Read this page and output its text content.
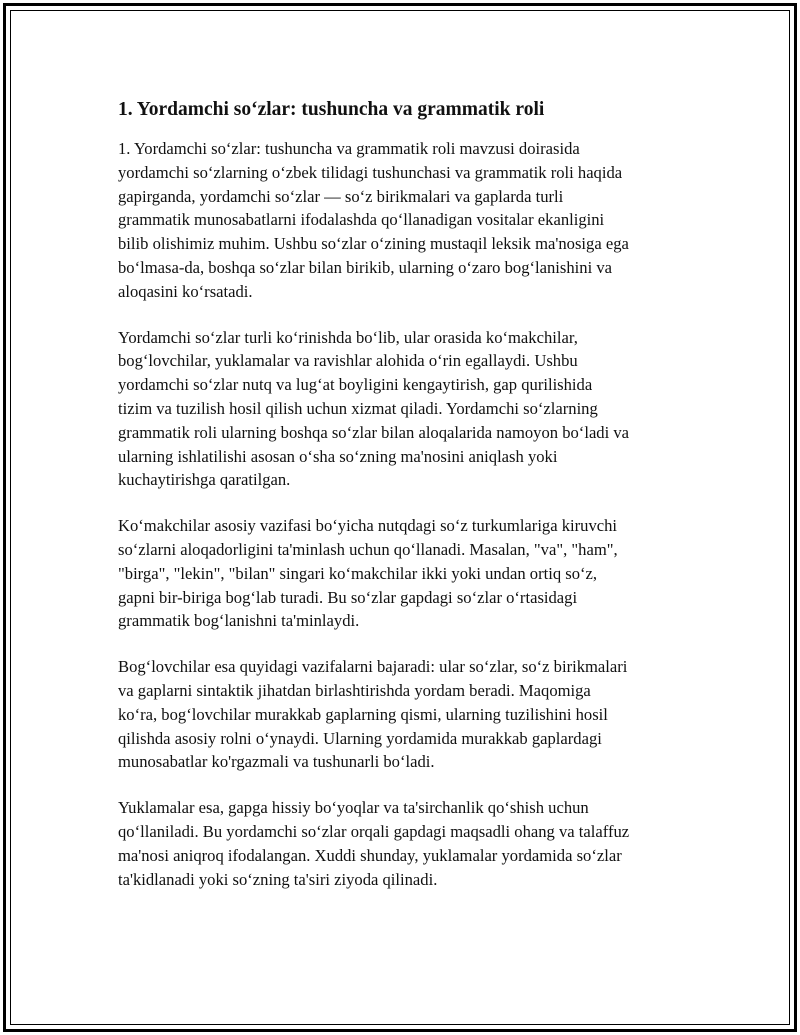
1. Yordamchi so‘zlar: tushuncha va grammatik roli
1. Yordamchi so‘zlar: tushuncha va grammatik roli mavzusi doirasida
yordamchi so‘zlarning o‘zbek tilidagi tushunchasi va grammatik roli haqida
gapirganda, yordamchi so‘zlar — so‘z birikmalari va gaplarda turli
grammatik munosabatlarni ifodalashda qo‘llanadigan vositalar ekanligini
bilib olishimiz muhim. Ushbu so‘zlar o‘zining mustaqil leksik ma'nosiga ega
bo‘lmasa-da, boshqa so‘zlar bilan birikib, ularning o‘zaro bog‘lanishini va
aloqasini ko‘rsatadi.
Yordamchi so‘zlar turli ko‘rinishda bo‘lib, ular orasida ko‘makchilar,
bog‘lovchilar, yuklamalar va ravishlar alohida o‘rin egallaydi. Ushbu
yordamchi so‘zlar nutq va lug‘at boyligini kengaytirish, gap qurilishida
tizim va tuzilish hosil qilish uchun xizmat qiladi. Yordamchi so‘zlarning
grammatik roli ularning boshqa so‘zlar bilan aloqalarida namoyon bo‘ladi va
ularning ishlatilishi asosan o‘sha so‘zning ma'nosini aniqlash yoki
kuchaytirishga qaratilgan.
Ko‘makchilar asosiy vazifasi bo‘yicha nutqdagi so‘z turkumlariga kiruvchi
so‘zlarni aloqadorligini ta'minlash uchun qo‘llanadi. Masalan, "va", "ham",
"birga", "lekin", "bilan" singari ko‘makchilar ikki yoki undan ortiq so‘z,
gapni bir-biriga bog‘lab turadi. Bu so‘zlar gapdagi so‘zlar o‘rtasidagi
grammatik bog‘lanishni ta'minlaydi.
Bog‘lovchilar esa quyidagi vazifalarni bajaradi: ular so‘zlar, so‘z birikmalari
va gaplarni sintaktik jihatdan birlashtirishda yordam beradi. Maqomiga
ko‘ra, bog‘lovchilar murakkab gaplarning qismi, ularning tuzilishini hosil
qilishda asosiy rolni o‘ynaydi. Ularning yordamida murakkab gaplardagi
munosabatlar ko'rgazmali va tushunarli bo‘ladi.
Yuklamalar esa, gapga hissiy bo‘yoqlar va ta'sirchanlik qo‘shish uchun
qo‘llaniladi. Bu yordamchi so‘zlar orqali gapdagi maqsadli ohang va talaffuz
ma'nosi aniqroq ifodalangan. Xuddi shunday, yuklamalar yordamida so‘zlar
ta'kidlanadi yoki so‘zning ta'siri ziyoda qilinadi.
